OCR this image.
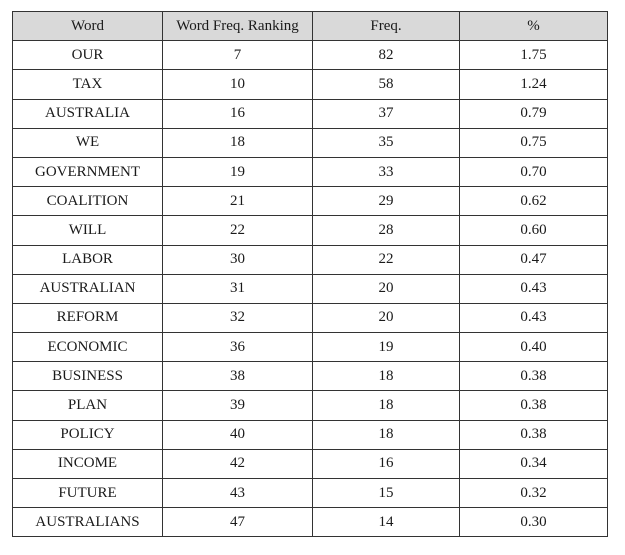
Word	Word Freq. Ranking	Freq.	%
OUR	7	82	1.75
TAX	10	58	1.24
AUSTRALIA	16	37	0.79
WE	18	35	0.75
GOVERNMENT	19	33	0.70
COALITION	21	29	0.62
WILL	22	28	0.60
LABOR	30	22	0.47
AUSTRALIAN	31	20	0.43
REFORM	32	20	0.43
ECONOMIC	36	19	0.40
BUSINESS	38	18	0.38
PLAN	39	18	0.38
POLICY	40	18	0.38
INCOME	42	16	0.34
FUTURE	43	15	0.32
AUSTRALIANS	47	14	0.30
